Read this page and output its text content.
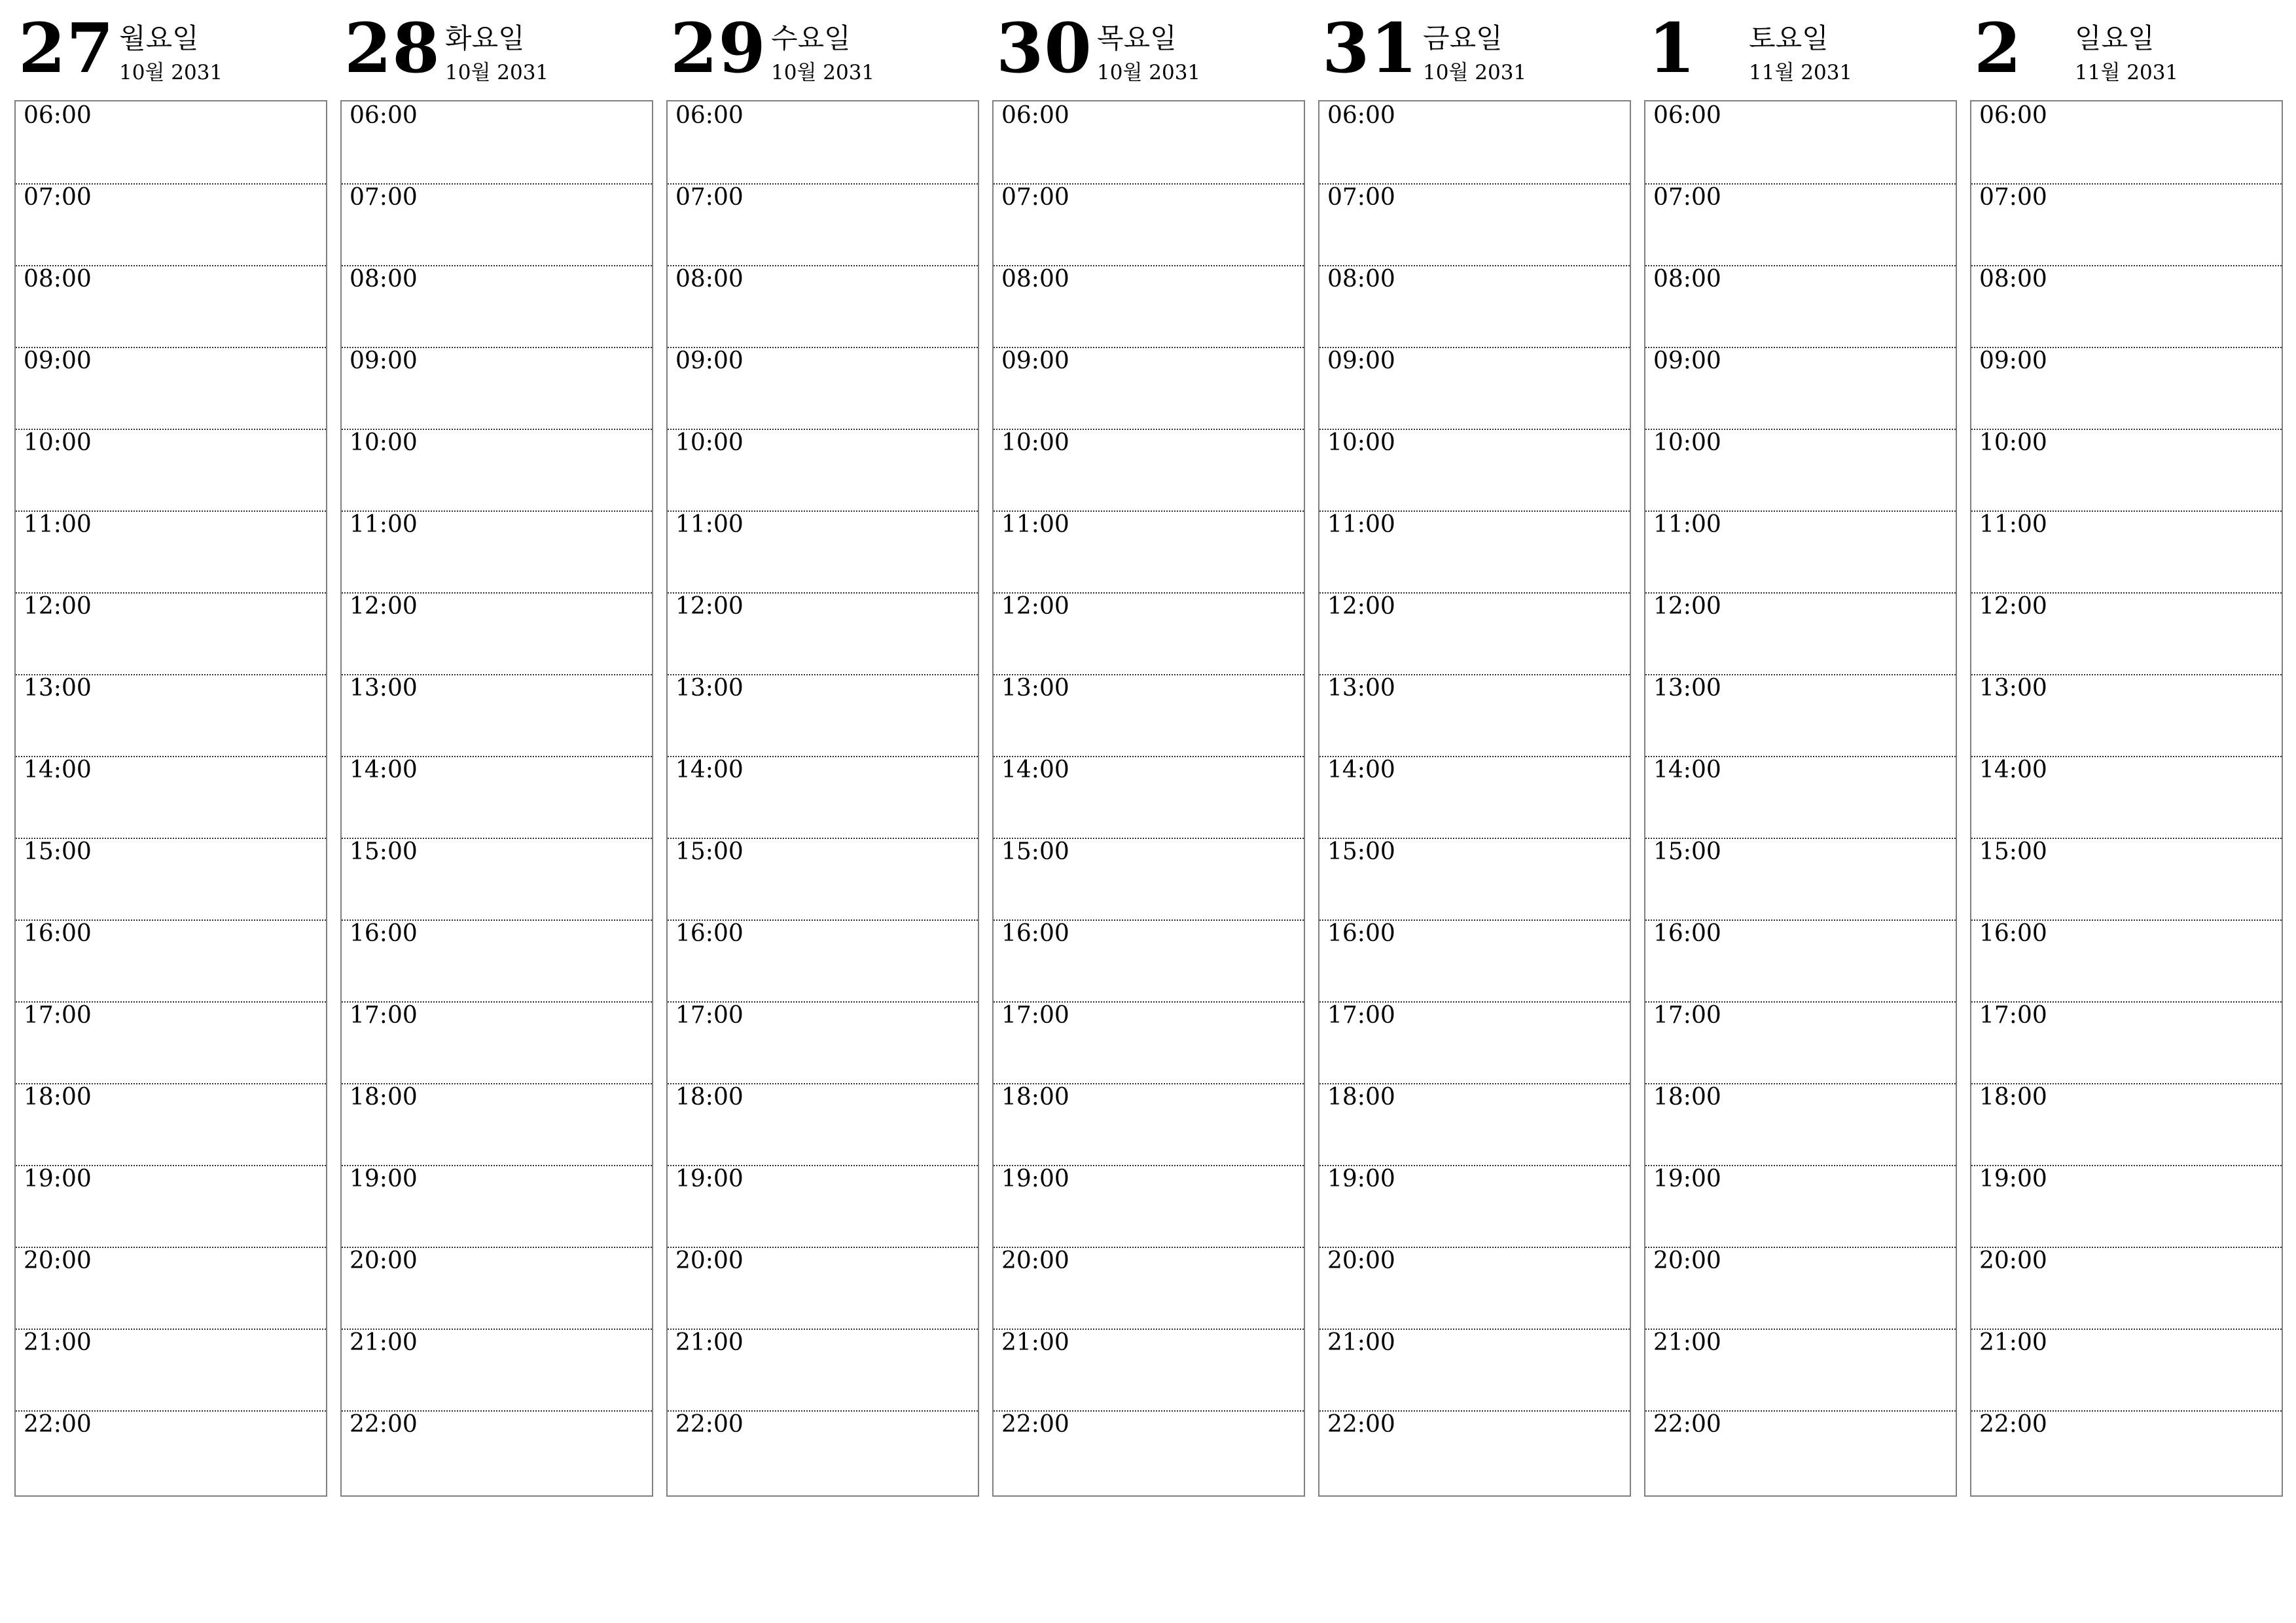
27 월요일
10월 2031
06:00
07:00
08:00
09:00
10:00
11:00
12:00
13:00
14:00
15:00
16:00
17:00
18:00
19:00
20:00
21:00
22:00
28 화요일
10월 2031
06:00
07:00
08:00
09:00
10:00
11:00
12:00
13:00
14:00
15:00
16:00
17:00
18:00
19:00
20:00
21:00
22:00
29 수요일
10월 2031
06:00
07:00
08:00
09:00
10:00
11:00
12:00
13:00
14:00
15:00
16:00
17:00
18:00
19:00
20:00
21:00
22:00
30 목요일
10월 2031
06:00
07:00
08:00
09:00
10:00
11:00
12:00
13:00
14:00
15:00
16:00
17:00
18:00
19:00
20:00
21:00
22:00
31 금요일
10월 2031
06:00
07:00
08:00
09:00
10:00
11:00
12:00
13:00
14:00
15:00
16:00
17:00
18:00
19:00
20:00
21:00
22:00
1 토요일
11월 2031
06:00
07:00
08:00
09:00
10:00
11:00
12:00
13:00
14:00
15:00
16:00
17:00
18:00
19:00
20:00
21:00
22:00
2 일요일
11월 2031
06:00
07:00
08:00
09:00
10:00
11:00
12:00
13:00
14:00
15:00
16:00
17:00
18:00
19:00
20:00
21:00
22:00
